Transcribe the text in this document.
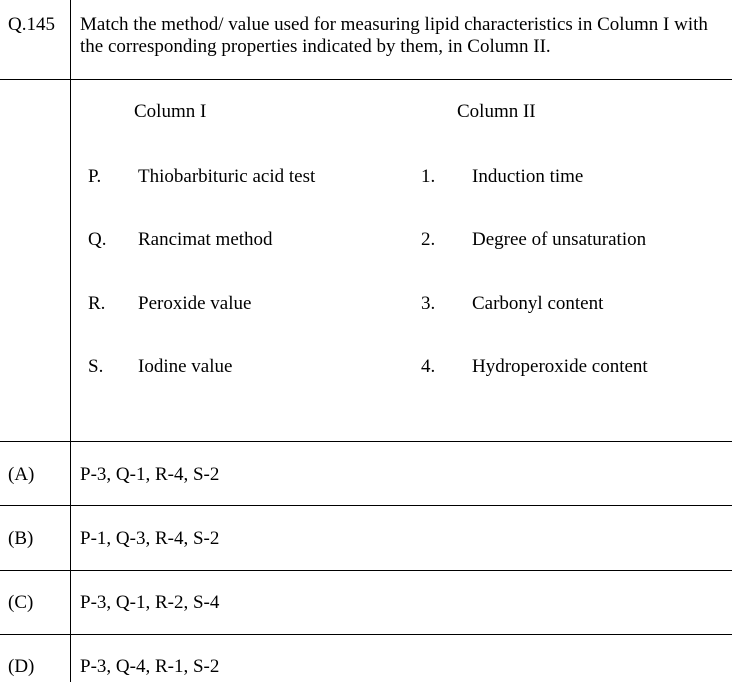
Q.145 Match the method/ value used for measuring lipid characteristics in Column I with
the corresponding properties indicated by them, in Column II.
Column I	Column II
P. Thiobarbituric acid test
Q. Rancimat method
R. Peroxide value
S. Iodine value
1. Induction time
2. Degree of unsaturation
3. Carbonyl content
4. Hydroperoxide content
(A) P-3, Q-1, R-4, S-2
(B) P-1, Q-3, R-4, S-2
(C) P-3, Q-1, R-2, S-4
(D) P-3, Q-4, R-1, S-2
